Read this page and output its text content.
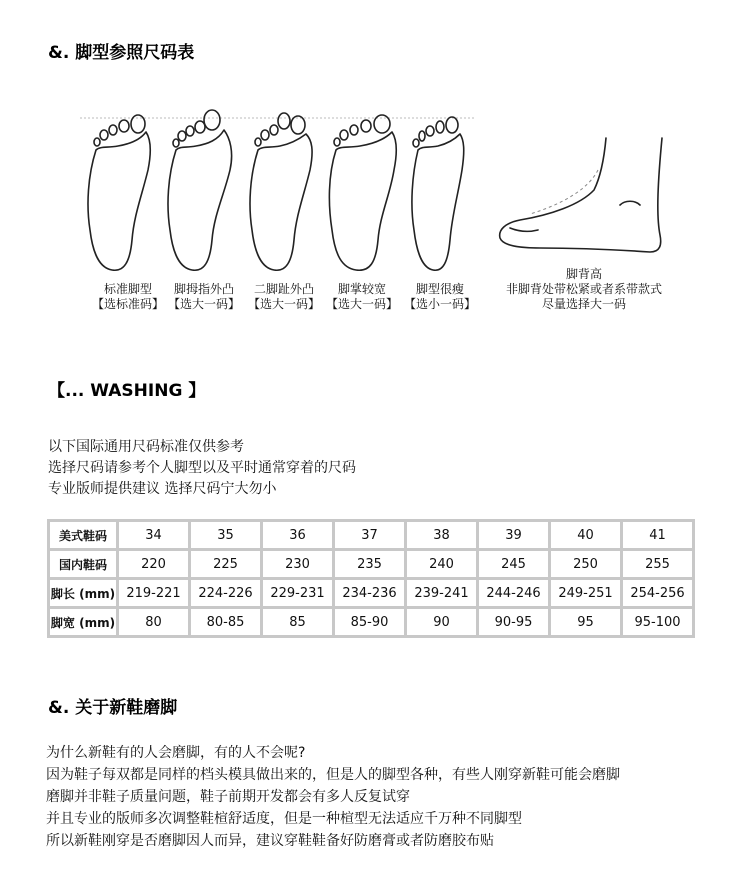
&. 脚型参照尺码表
标准脚型
【选标准码】
脚拇指外凸
【选大一码】
二脚趾外凸
【选大一码】
脚掌较宽
【选大一码】
脚型很瘦
【选小一码】
脚背高
非脚背处带松紧或者系带款式
尽量选择大一码
【... WASHING 】
以下国际通用尺码标准仅供参考
选择尺码请参考个人脚型以及平时通常穿着的尺码
专业版师提供建议 选择尺码宁大勿小
美式鞋码	34	35	36	37	38	39	40	41
国内鞋码	220	225	230	235	240	245	250	255
脚长 (mm)	219-221	224-226	229-231	234-236	239-241	244-246	249-251	254-256
脚宽 (mm)	80	80-85	85	85-90	90	90-95	95	95-100
&. 关于新鞋磨脚
为什么新鞋有的人会磨脚，有的人不会呢?
因为鞋子每双都是同样的档头模具做出来的，但是人的脚型各种，有些人刚穿新鞋可能会磨脚
磨脚并非鞋子质量问题，鞋子前期开发都会有多人反复试穿
并且专业的版师多次调整鞋楦舒适度，但是一种楦型无法适应千万种不同脚型
所以新鞋刚穿是否磨脚因人而异，建议穿鞋鞋备好防磨膏或者防磨胶布贴
